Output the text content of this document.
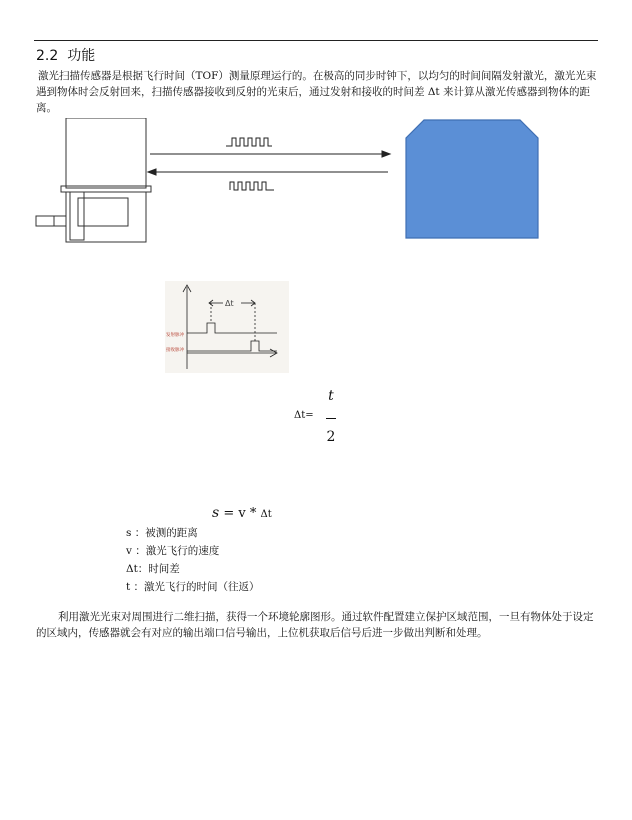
2.2 功能
激光扫描传感器是根据飞行时间（TOF）测量原理运行的。在极高的同步时钟下，以均匀的时间间隔发射激光，激光光束遇到物体时会反射回来，扫描传感器接收到反射的光束后，通过发射和接收的时间差 Δt 来计算从激光传感器到物体的距离。
Δt
发射脉冲
接收脉冲
Δt=
t
2
s = v * Δt
s ：被测的距离
v ：激光飞行的速度
Δt：时间差
t ：激光飞行的时间（往返）
利用激光光束对周围进行二维扫描，获得一个环境轮廓图形。通过软件配置建立保护区域范围，一旦有物体处于设定的区域内，传感器就会有对应的输出端口信号输出，上位机获取后信号后进一步做出判断和处理。
